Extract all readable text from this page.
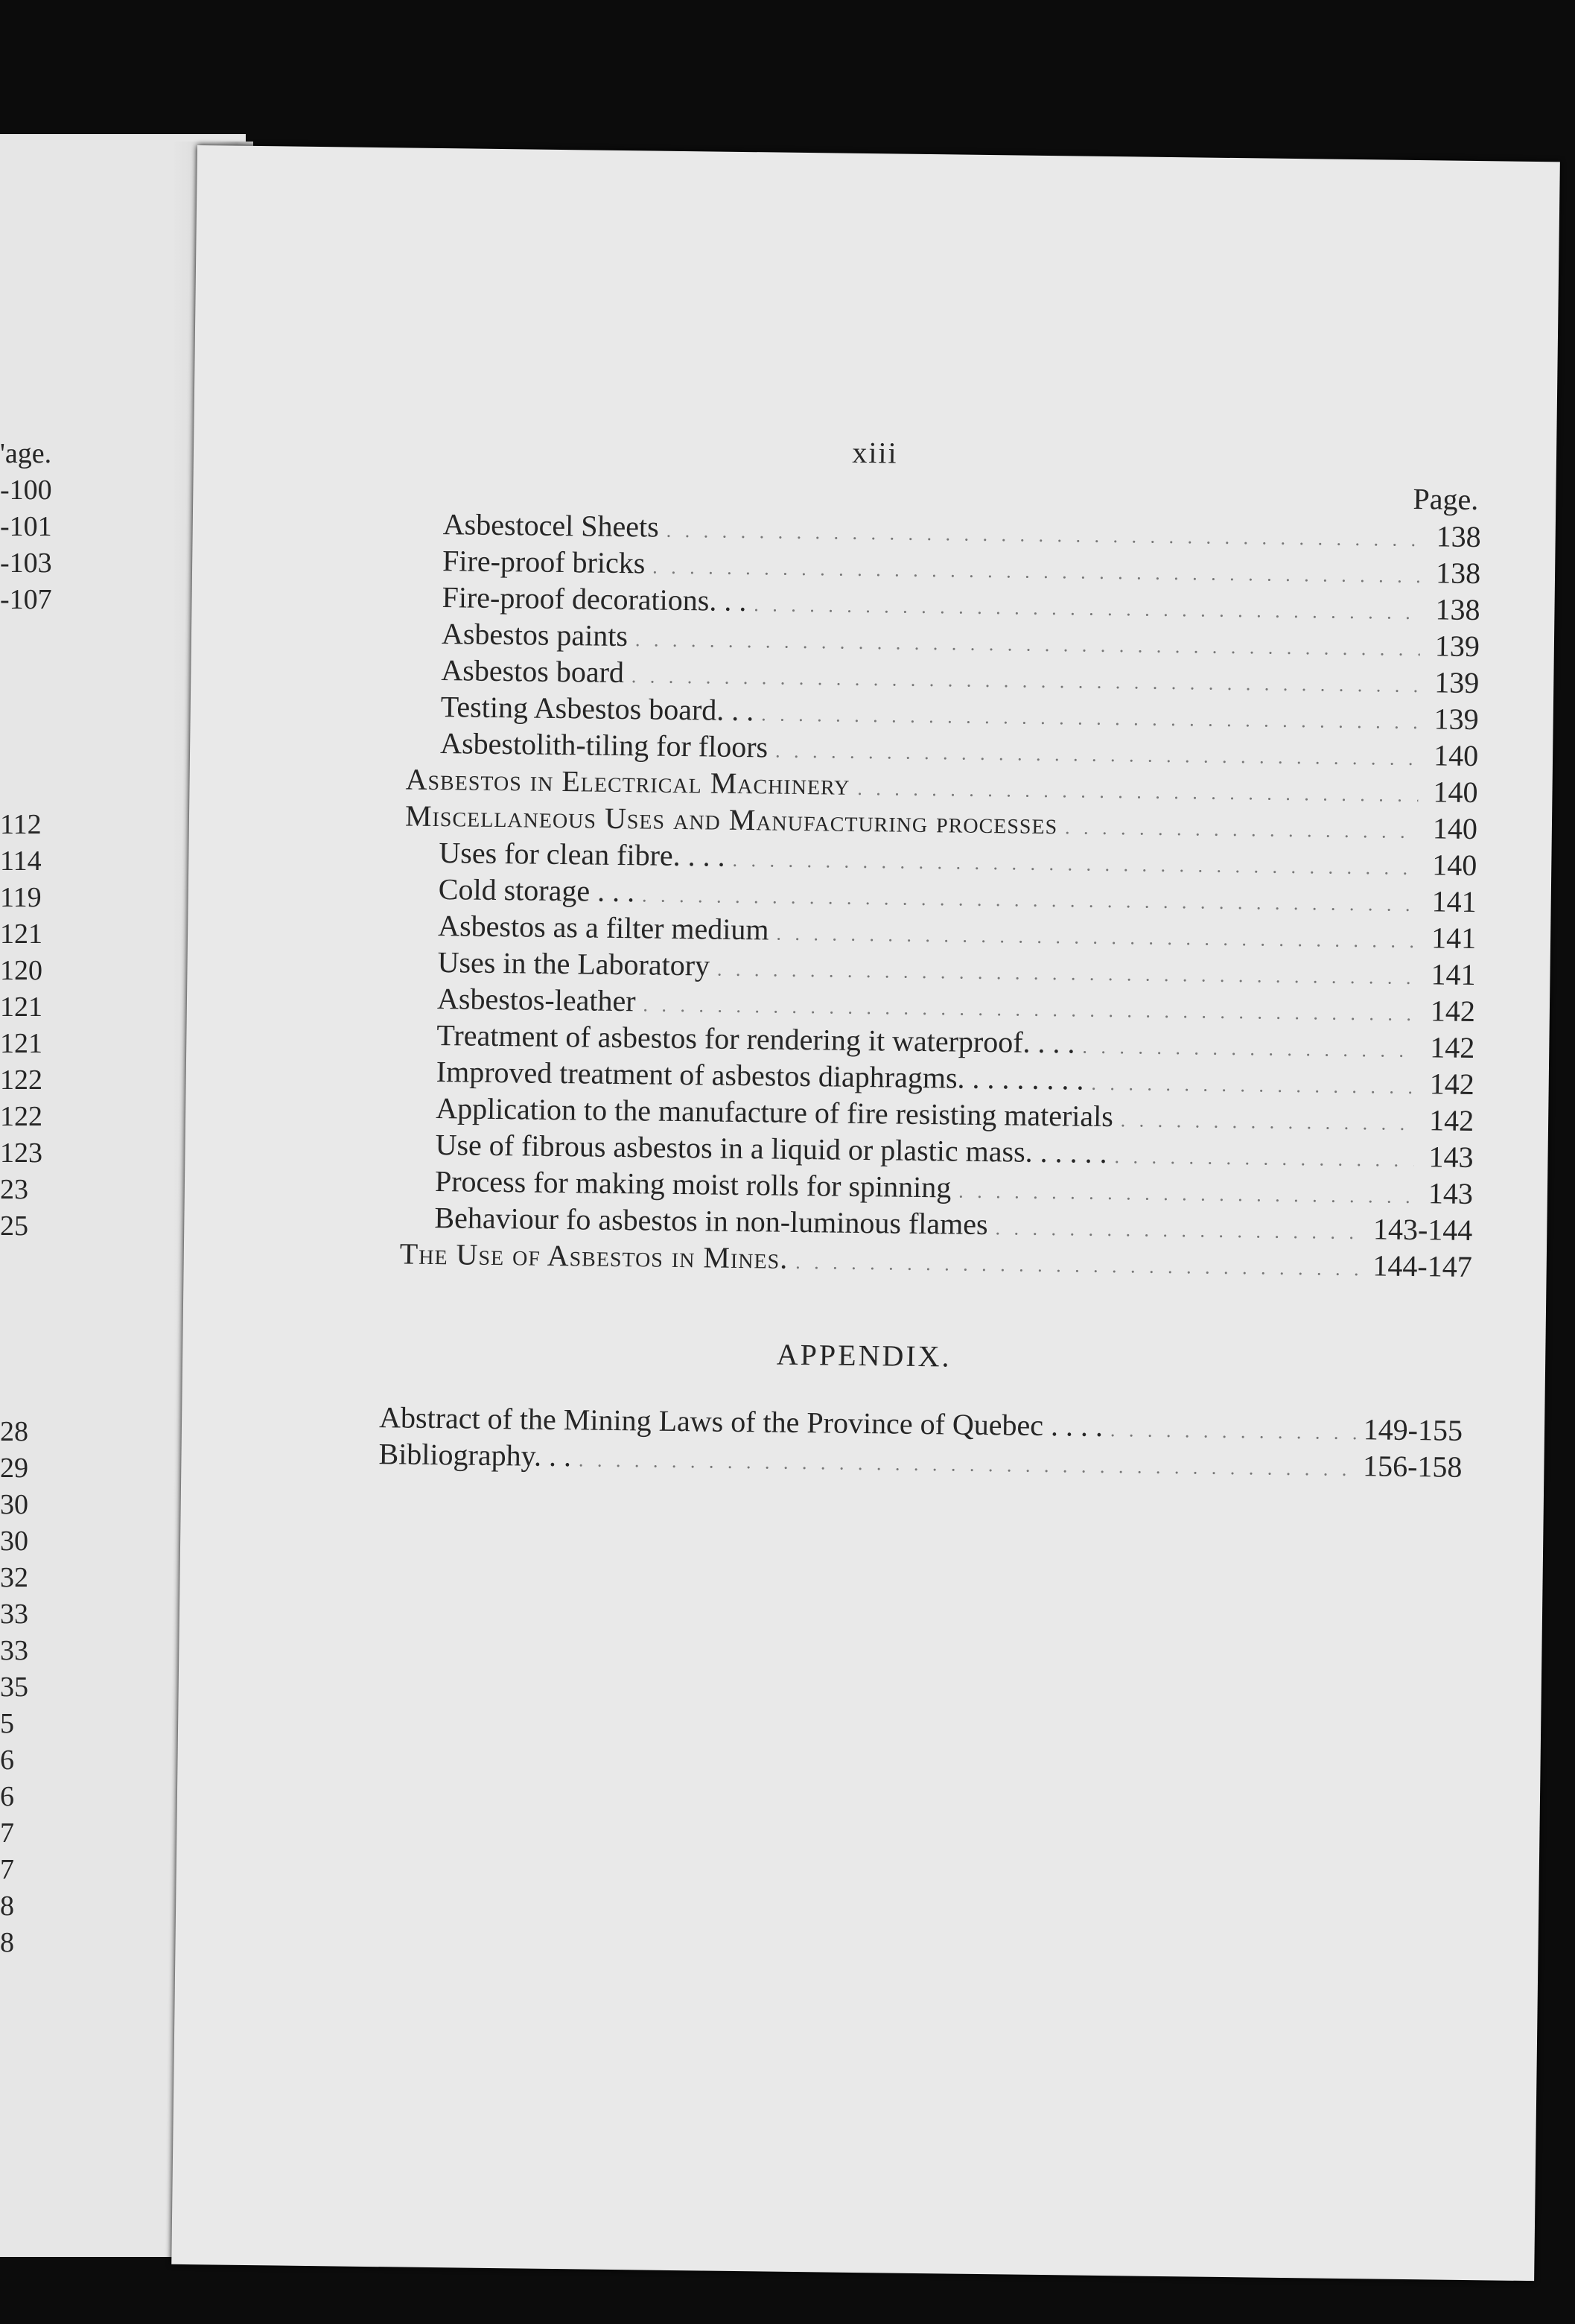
'age.
-100
-101
-103
-107
112
114
119
121
120
121
121
122
122
123
23
25
28
29
30
30
32
33
33
35
5
6
6
7
7
8
8
xiii
Page.
Asbestocel Sheets . . .	138
Fire-proof bricks . . .	138
Fire-proof decorations. . . . . .	138
Asbestos paints . . .	139
Asbestos board . . .	139
Testing Asbestos board. . . . . .	139
Asbestolith-tiling for floors . . .	140
Asbestos in Electrical Machinery . . .	140
Miscellaneous Uses and Manufacturing processes . . .	140
Uses for clean fibre. . . . . . .	140
Cold storage . . . . . .	141
Asbestos as a filter medium . . .	141
Uses in the Laboratory . . .	141
Asbestos-leather . . .	142
Treatment of asbestos for rendering it waterproof. . . . . . .	142
Improved treatment of asbestos diaphragms. . . . . . . . . . . .	142
Application to the manufacture of fire resisting materials . . .	142
Use of fibrous asbestos in a liquid or plastic mass. . . . . . . . .	143
Process for making moist rolls for spinning . . .	143
Behaviour fo asbestos in non-luminous flames . . .	143-144
The Use of Asbestos in Mines. . . .	144-147
APPENDIX.
Abstract of the Mining Laws of the Province of Quebec . . . . . . .	149-155
Bibliography. . . . . .	156-158
